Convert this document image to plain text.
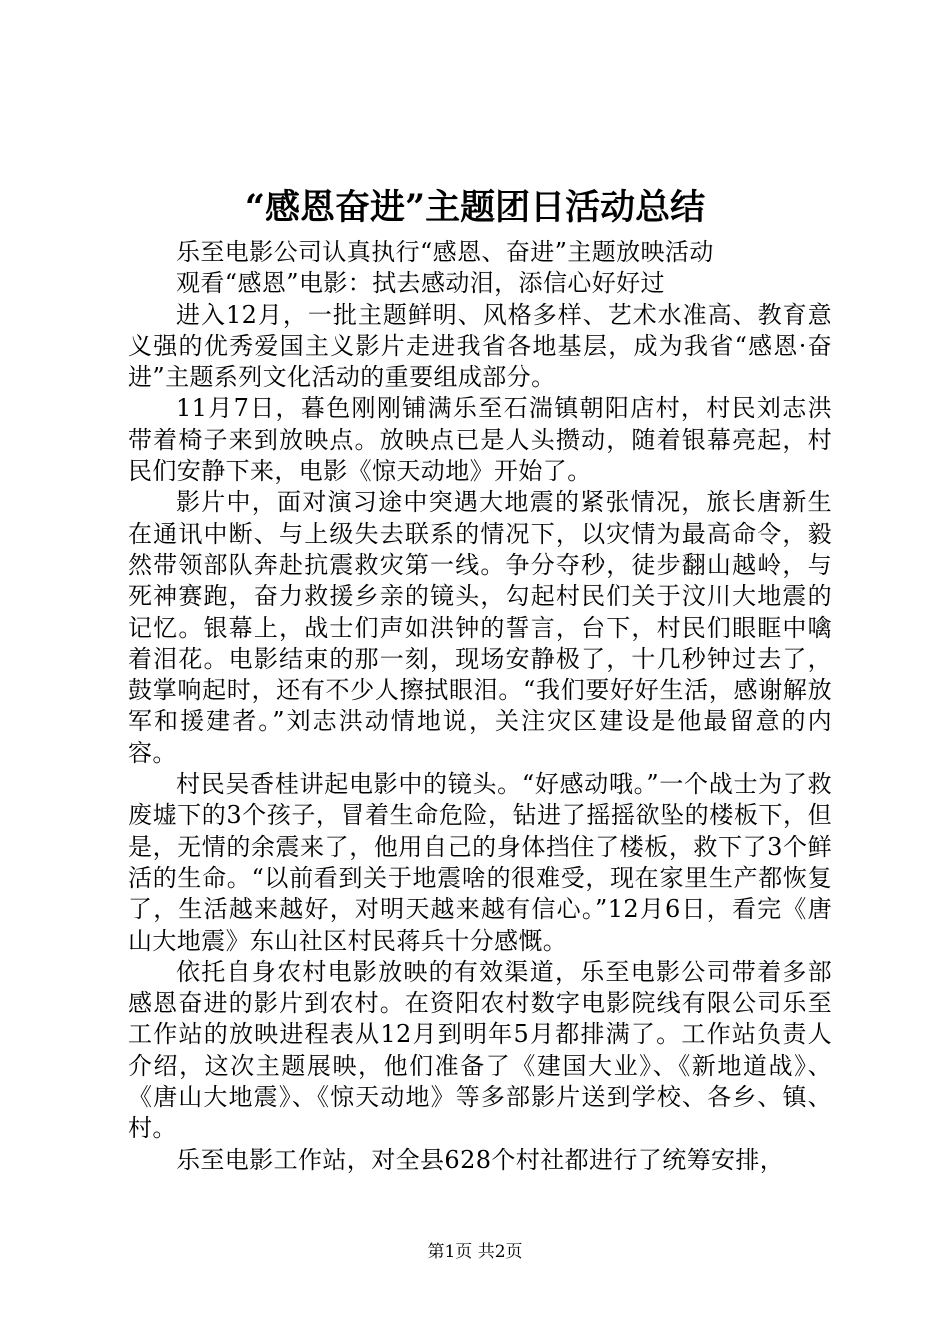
“感恩奋进”主题团日活动总结

乐至电影公司认真执行“感恩、奋进”主题放映活动

观看“感恩”电影：拭去感动泪，添信心好好过

进入12月，一批主题鲜明、风格多样、艺术水准高、教育意义强的优秀爱国主义影片走进我省各地基层，成为我省“感恩·奋进”主题系列文化活动的重要组成部分。

11月7日，暮色刚刚铺满乐至石湍镇朝阳店村，村民刘志洪带着椅子来到放映点。放映点已是人头攒动，随着银幕亮起，村民们安静下来，电影《惊天动地》开始了。

影片中，面对演习途中突遇大地震的紧张情况，旅长唐新生在通讯中断、与上级失去联系的情况下，以灾情为最高命令，毅然带领部队奔赴抗震救灾第一线。争分夺秒，徒步翻山越岭，与死神赛跑，奋力救援乡亲的镜头，勾起村民们关于汶川大地震的记忆。银幕上，战士们声如洪钟的誓言，台下，村民们眼眶中噙着泪花。电影结束的那一刻，现场安静极了，十几秒钟过去了，鼓掌响起时，还有不少人擦拭眼泪。“我们要好好生活，感谢解放军和援建者。”刘志洪动情地说，关注灾区建设是他最留意的内容。

村民吴香桂讲起电影中的镜头。“好感动哦。”一个战士为了救废墟下的3个孩子，冒着生命危险，钻进了摇摇欲坠的楼板下，但是，无情的余震来了，他用自己的身体挡住了楼板，救下了3个鲜活的生命。“以前看到关于地震啥的很难受，现在家里生产都恢复了，生活越来越好，对明天越来越有信心。”12月6日，看完《唐山大地震》东山社区村民蒋兵十分感慨。

依托自身农村电影放映的有效渠道，乐至电影公司带着多部感恩奋进的影片到农村。在资阳农村数字电影院线有限公司乐至工作站的放映进程表从12月到明年5月都排满了。工作站负责人介绍，这次主题展映，他们准备了《建国大业》、《新地道战》、《唐山大地震》、《惊天动地》等多部影片送到学校、各乡、镇、村。

乐至电影工作站，对全县628个村社都进行了统筹安排，

第1页 共2页
